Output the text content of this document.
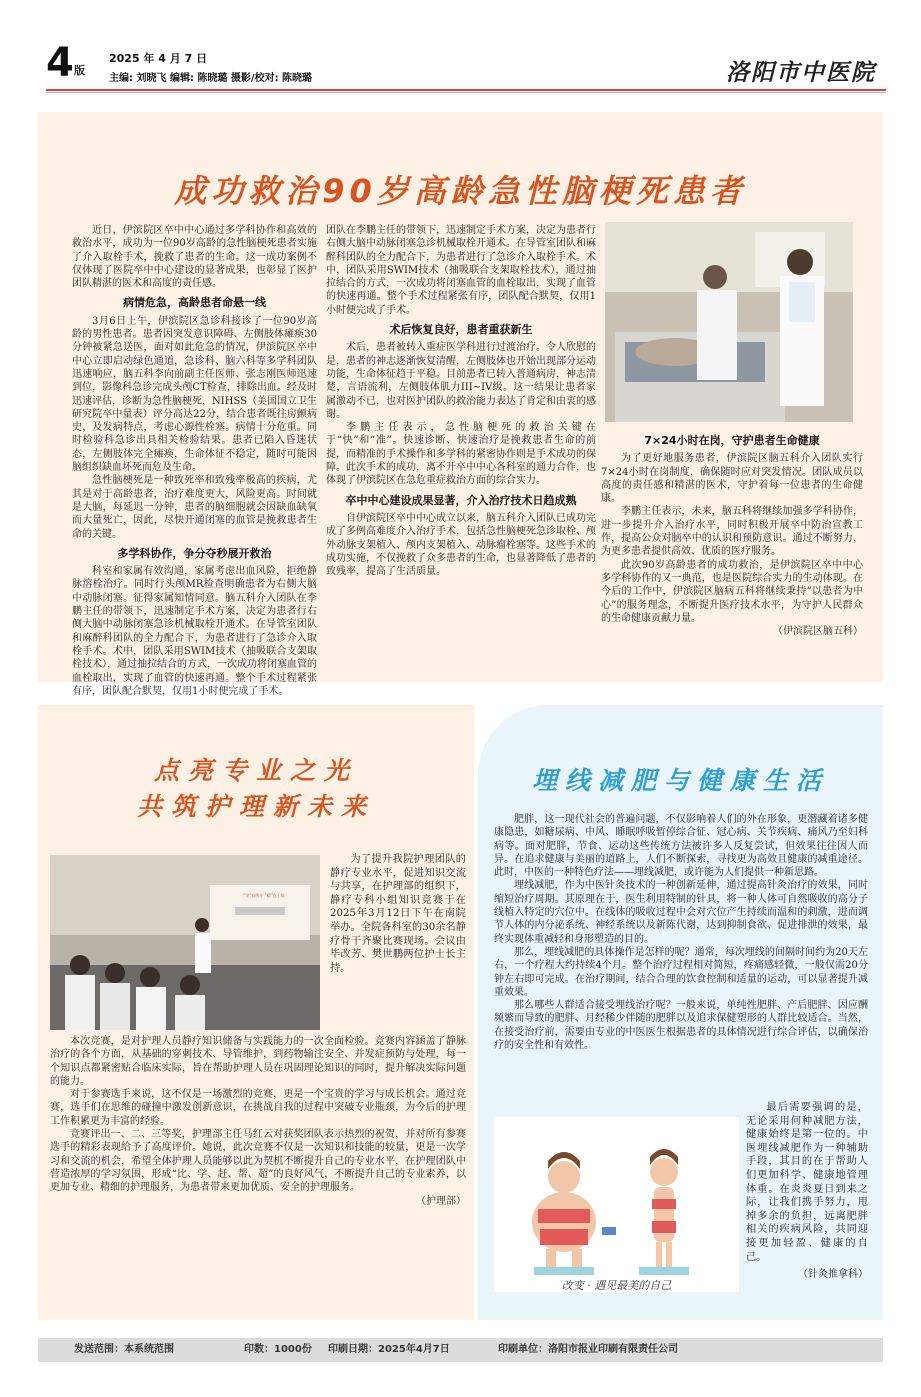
4 版
2025 年 4 月 7 日
主编: 刘晓飞 编辑: 陈晓璐 摄影/校对: 陈晓璐	洛阳市中医院
成功救治90岁高龄急性脑梗死患者

近日，伊滨院区卒中中心通过多学科协作和高效的救治水平，成功为一位90岁高龄的急性脑梗死患者实施了介入取栓手术，挽救了患者的生命。这一成功案例不仅体现了医院卒中中心建设的显著成果，也彰显了医护团队精湛的医术和高度的责任感。

病情危急，高龄患者命悬一线

3月6日上午，伊滨院区急诊科接诊了一位90岁高龄的男性患者。患者因突发意识障碍、左侧肢体瘫痪30分钟被紧急送医，面对如此危急的情况，伊滨院区卒中中心立即启动绿色通道，急诊科、脑六科等多学科团队迅速响应，脑五科李向前副主任医师、张志刚医师迅速到位，影像科急诊完成头颅CT检查，排除出血。经及时迅速评估，诊断为急性脑梗死，NIHSS（美国国立卫生研究院卒中量表）评分高达22分，结合患者既往房颤病史，及发病特点，考虑心源性栓塞。病情十分危重。同时检验科急诊出具相关检验结果。患者已陷入昏迷状态，左侧肢体完全瘫痪，生命体征不稳定，随时可能因脑组织缺血坏死而危及生命。

急性脑梗死是一种致死率和致残率极高的疾病，尤其是对于高龄患者，治疗难度更大，风险更高。时间就是大脑，每延迟一分钟，患者的脑细胞就会因缺血缺氧而大量死亡，因此，尽快开通闭塞的血管是挽救患者生命的关键。

多学科协作，争分夺秒展开救治

科室和家属有效沟通，家属考虑出血风险，拒绝静脉溶栓治疗。同时行头颅MR检查明确患者为右侧大脑中动脉闭塞。征得家属知情同意。脑五科介入团队在李鹏主任的带领下，迅速制定手术方案，决定为患者行右侧大脑中动脉闭塞急诊机械取栓开通术。在导管室团队和麻醉科团队的全力配合下，为患者进行了急诊介入取栓手术。术中，团队采用SWIM技术（抽吸联合支架取栓技术），通过抽拉结合的方式，一次成功将闭塞血管的血栓取出，实现了血管的快速再通。整个手术过程紧张有序，团队配合默契，仅用1小时便完成了手术。

团队在李鹏主任的带领下，迅速制定手术方案，决定为患者行右侧大脑中动脉闭塞急诊机械取栓开通术。在导管室团队和麻醉科团队的全力配合下，为患者进行了急诊介入取栓手术。术中，团队采用SWIM技术（抽吸联合支架取栓技术），通过抽拉结合的方式，一次成功将闭塞血管的血栓取出，实现了血管的快速再通。整个手术过程紧张有序，团队配合默契，仅用1小时便完成了手术。

术后恢复良好，患者重获新生

术后，患者被转入重症医学科进行过渡治疗。令人欣慰的是，患者的神志逐渐恢复清醒，左侧肢体也开始出现部分运动功能，生命体征趋于平稳。目前患者已转入普通病房，神志清楚，言语流利，左侧肢体肌力III~IV级。这一结果让患者家属激动不已，也对医护团队的救治能力表达了肯定和由衷的感谢。

李鹏主任表示，急性脑梗死的救治关键在于“快”和“准”。快速诊断、快速治疗是挽救患者生命的前提，而精准的手术操作和多学科的紧密协作则是手术成功的保障。此次手术的成功，离不开卒中中心各科室的通力合作，也体现了伊滨院区在急危重症救治方面的综合实力。

卒中中心建设成果显著，介入治疗技术日趋成熟

自伊滨院区卒中中心成立以来，脑五科介入团队已成功完成了多例高难度介入治疗手术，包括急性脑梗死急诊取栓、颅外动脉支架植入、颅内支架植入、动脉瘤栓塞等。这些手术的成功实施，不仅挽救了众多患者的生命，也显著降低了患者的致残率，提高了生活质量。

7×24小时在岗，守护患者生命健康

为了更好地服务患者，伊滨院区脑五科介入团队实行7×24小时在岗制度，确保随时应对突发情况。团队成员以高度的责任感和精湛的医术，守护着每一位患者的生命健康。

李鹏主任表示，未来，脑五科将继续加强多学科协作，进一步提升介入治疗水平，同时积极开展卒中防治宣教工作，提高公众对脑卒中的认识和预防意识。通过不断努力，为更多患者提供高效、优质的医疗服务。

此次90岁高龄患者的成功救治，是伊滨院区卒中中心多学科协作的又一典范，也是医院综合实力的生动体现。在今后的工作中，伊滨院区脑病五科将继续秉持“以患者为中心”的服务理念，不断提升医疗技术水平，为守护人民群众的生命健康贡献力量。

（伊滨院区脑五科）
点亮专业之光
共筑护理新未来
“学”有所专 “精”在于练

为了提升我院护理团队的静疗专业水平，促进知识交流与共享，在护理部的组织下，静疗专科小组知识竞赛于在2025年3月12日下午在南院举办。全院各科室的30余名静疗骨干齐聚比赛现场。会议由毕改芳、樊世鹏两位护士长主持。

本次竞赛，是对护理人员静疗知识储备与实践能力的一次全面检验。竞赛内容涵盖了静脉治疗的各个方面，从基础的穿刺技术、导管维护，到药物输注安全、并发症预防与处理，每一个知识点都紧密贴合临床实际，旨在帮助护理人员在巩固理论知识的同时，提升解决实际问题的能力。

对于参赛选手来说，这不仅是一场激烈的竞赛，更是一个宝贵的学习与成长机会。通过竞赛，选手们在思维的碰撞中激发创新意识，在挑战自我的过程中突破专业瓶颈，为今后的护理工作积累更为丰富的经验。

竞赛评出一、二、三等奖，护理部主任马红云对获奖团队表示热烈的祝贺，并对所有参赛选手的精彩表现给予了高度评价。她说，此次竞赛不仅是一次知识和技能的较量，更是一次学习和交流的机会，希望全体护理人员能够以此为契机不断提升自己的专业水平，在护理团队中营造浓厚的学习氛围，形成“比、学、赶、帮、超”的良好风气，不断提升自己的专业素养，以更加专业、精细的护理服务，为患者带来更加优质、安全的护理服务。

（护理部）
埋线减肥与健康生活

肥胖，这一现代社会的普遍问题，不仅影响着人们的外在形象，更潜藏着诸多健康隐患，如糖尿病、中风、睡眠呼吸暂停综合征、冠心病、关节疾病、痛风乃至妇科病等。面对肥胖，节食、运动这些传统方法被许多人反复尝试，但效果往往因人而异。在追求健康与美丽的道路上，人们不断探索，寻找更为高效且健康的减重途径。此时，中医的一种特色疗法——埋线减肥，或许能为人们提供一种新思路。

埋线减肥，作为中医针灸技术的一种创新延伸，通过提高针灸治疗的效果，同时缩短治疗周期。其原理在于，医生利用特制的针具，将一种人体可自然吸收的高分子线植入特定的穴位中。在线体的吸收过程中会对穴位产生持续而温和的刺激，进而调节人体的内分泌系统、神经系统以及新陈代谢，达到抑制食欲、促进排泄的效果，最终实现体重减轻和身形塑造的目的。

那么，埋线减肥的具体操作是怎样的呢？通常，每次埋线的间隔时间约为20天左右，一个疗程大约持续4个月。整个治疗过程相对简短，疼痛感轻微，一般仅需20分钟左右即可完成。在治疗期间，结合合理的饮食控制和适量的运动，可以显著提升减重效果。

那么哪些人群适合接受埋线治疗呢？一般来说，单纯性肥胖、产后肥胖、因应酬频繁而导致的肥胖、月经稀少伴随的肥胖以及追求保健塑形的人群比较适合。当然，在接受治疗前，需要由专业的中医医生根据患者的具体情况进行综合评估，以确保治疗的安全性和有效性。

改变 · 遇见最美的自己

最后需要强调的是，无论采用何种减肥方法，健康始终是第一位的。中医埋线减肥作为一种辅助手段，其目的在于帮助人们更加科学、健康地管理体重。在炎炎夏日到来之际，让我们携手努力，甩掉多余的负担，远离肥胖相关的疾病风险，共同迎接更加轻盈、健康的自己。

（针灸推拿科）
发送范围：本系统范围	印数：1000份 印刷日期：2025年4月7日	印刷单位：洛阳市报业印刷有限责任公司
